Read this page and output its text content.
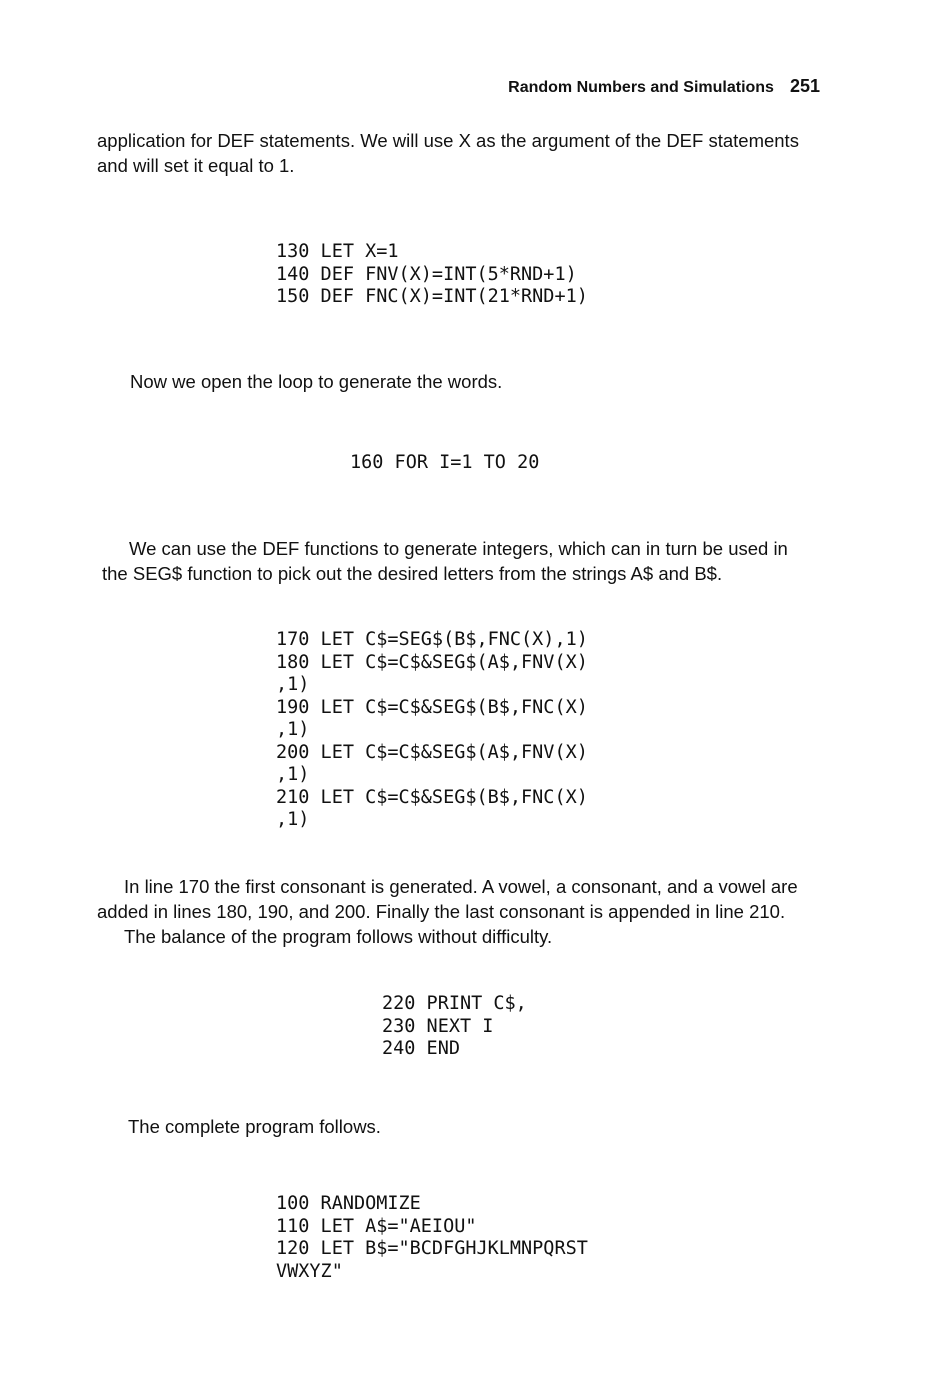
Random Numbers and Simulations 251
application for DEF statements. We will use X as the argument of the DEF statements
and will set it equal to 1.
130 LET X=1
140 DEF FNV(X)=INT(5*RND+1)
150 DEF FNC(X)=INT(21*RND+1)
Now we open the loop to generate the words.
160 FOR I=1 TO 20
We can use the DEF functions to generate integers, which can in turn be used in
the SEG$ function to pick out the desired letters from the strings A$ and B$.
170 LET C$=SEG$(B$,FNC(X),1)
180 LET C$=C$&SEG$(A$,FNV(X)
,1)
190 LET C$=C$&SEG$(B$,FNC(X)
,1)
200 LET C$=C$&SEG$(A$,FNV(X)
,1)
210 LET C$=C$&SEG$(B$,FNC(X)
,1)
In line 170 the first consonant is generated. A vowel, a consonant, and a vowel are
added in lines 180, 190, and 200. Finally the last consonant is appended in line 210.
The balance of the program follows without difficulty.
220 PRINT C$,
230 NEXT I
240 END
The complete program follows.
100 RANDOMIZE
110 LET A$="AEIOU"
120 LET B$="BCDFGHJKLMNPQRST
VWXYZ"
